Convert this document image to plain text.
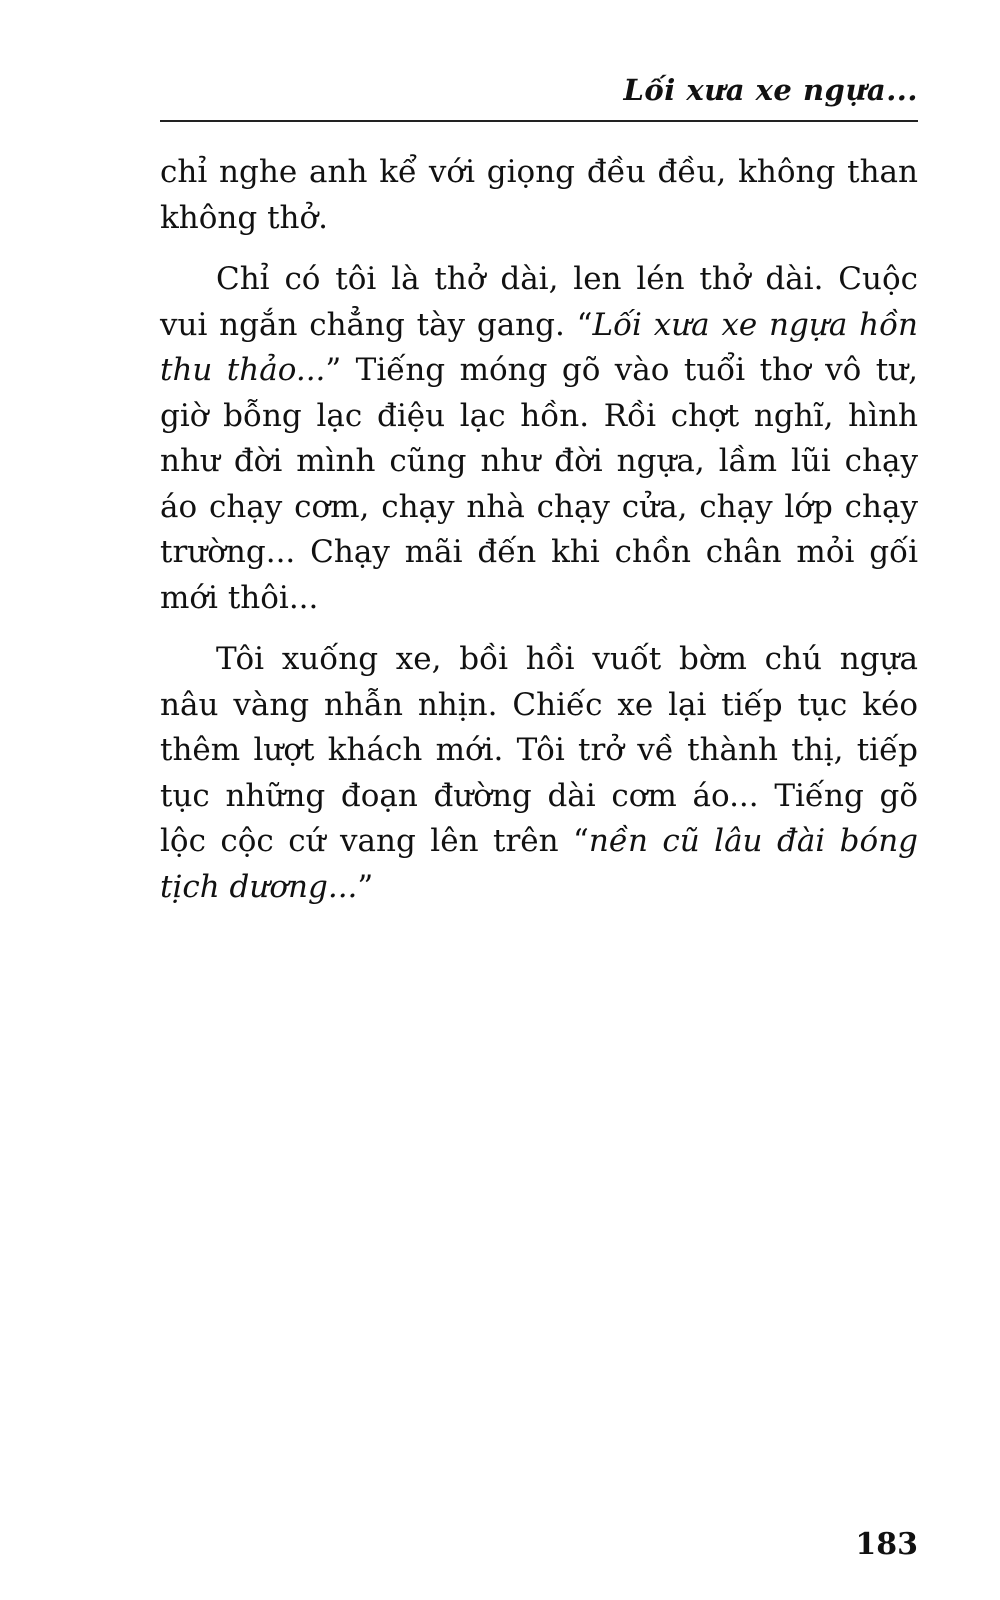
Lối xưa xe ngựa...

chỉ nghe anh kể với giọng đều đều, không than không thở.

Chỉ có tôi là thở dài, len lén thở dài. Cuộc vui ngắn chẳng tày gang. “Lối xưa xe ngựa hồn thu thảo...” Tiếng móng gõ vào tuổi thơ vô tư, giờ bỗng lạc điệu lạc hồn. Rồi chợt nghĩ, hình như đời mình cũng như đời ngựa, lầm lũi chạy áo chạy cơm, chạy nhà chạy cửa, chạy lớp chạy trường... Chạy mãi đến khi chồn chân mỏi gối mới thôi...

Tôi xuống xe, bồi hồi vuốt bờm chú ngựa nâu vàng nhẫn nhịn. Chiếc xe lại tiếp tục kéo thêm lượt khách mới. Tôi trở về thành thị, tiếp tục những đoạn đường dài cơm áo... Tiếng gõ lộc cộc cứ vang lên trên “nền cũ lâu đài bóng tịch dương...”

183
